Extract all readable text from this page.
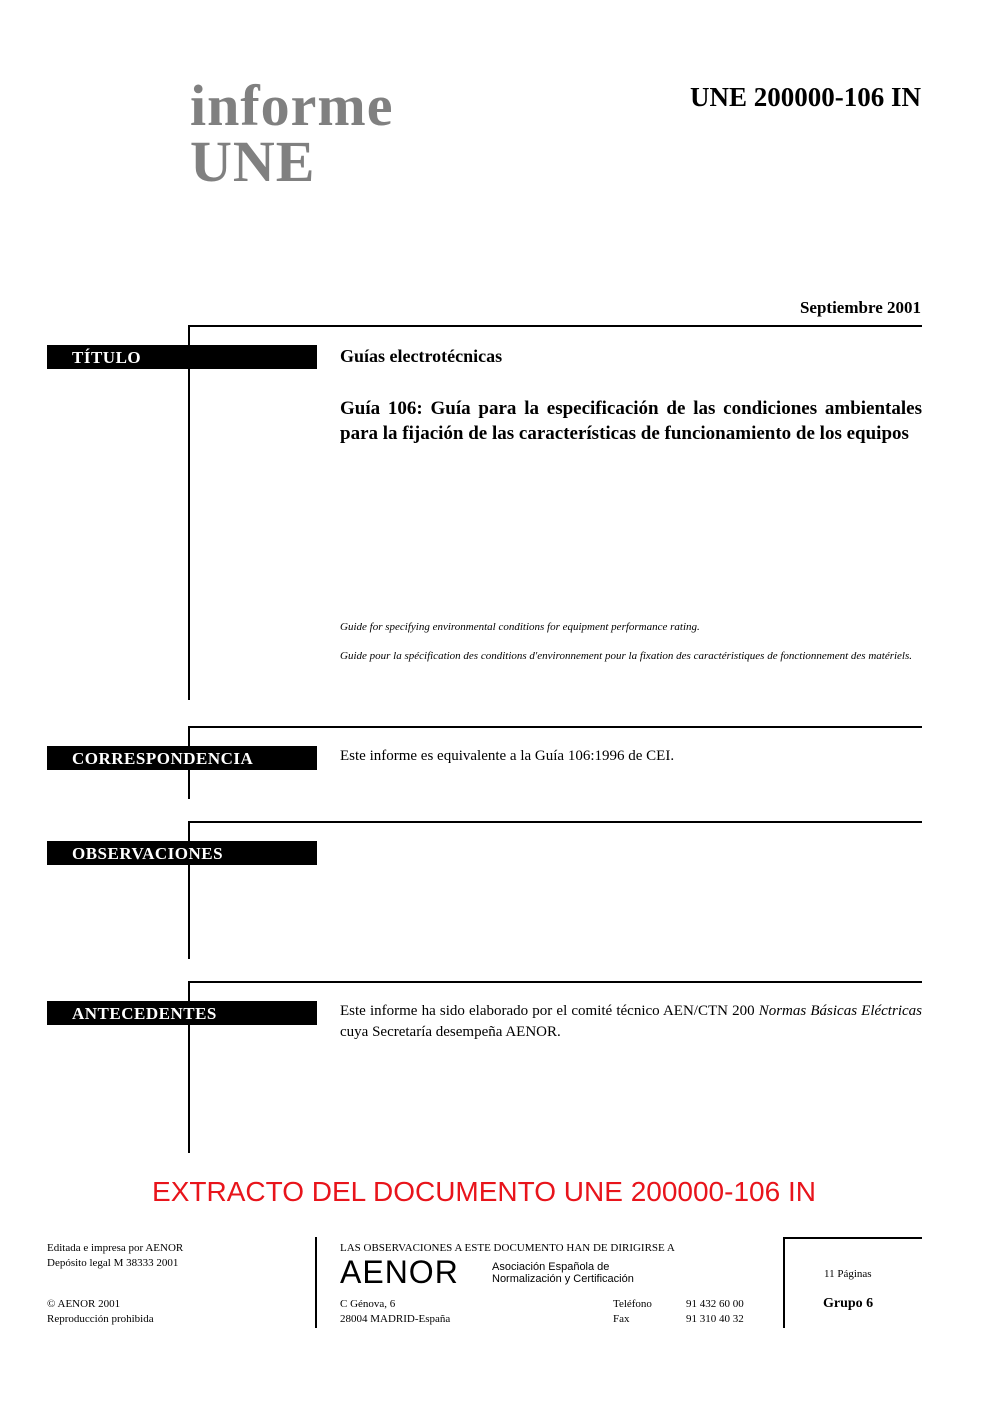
informe
UNE
UNE 200000-106 IN
Septiembre 2001
TÍTULO	Guías electrotécnicas
Guía 106: Guía para la especificación de las condiciones ambientales para la fijación de las características de funcionamiento de los equipos
Guide for specifying environmental conditions for equipment performance rating.
Guide pour la spécification des conditions d'environnement pour la fixation des caractéristiques de fonctionnement des matériels.
CORRESPONDENCIA	Este informe es equivalente a la Guía 106:1996 de CEI.
OBSERVACIONES
ANTECEDENTES	Este informe ha sido elaborado por el comité técnico AEN/CTN 200 Normas Básicas Eléctricas cuya Secretaría desempeña AENOR.
EXTRACTO DEL DOCUMENTO UNE 200000-106 IN
Editada e impresa por AENOR
Depósito legal M 38333 2001
© AENOR 2001
Reproducción prohibida
LAS OBSERVACIONES A ESTE DOCUMENTO HAN DE DIRIGIRSE A
AENOR	Asociación Española de
Normalización y Certificación
C Génova, 6
28004 MADRID-España
Teléfono	91 432 60 00
Fax	91 310 40 32
11 Páginas
Grupo 6
